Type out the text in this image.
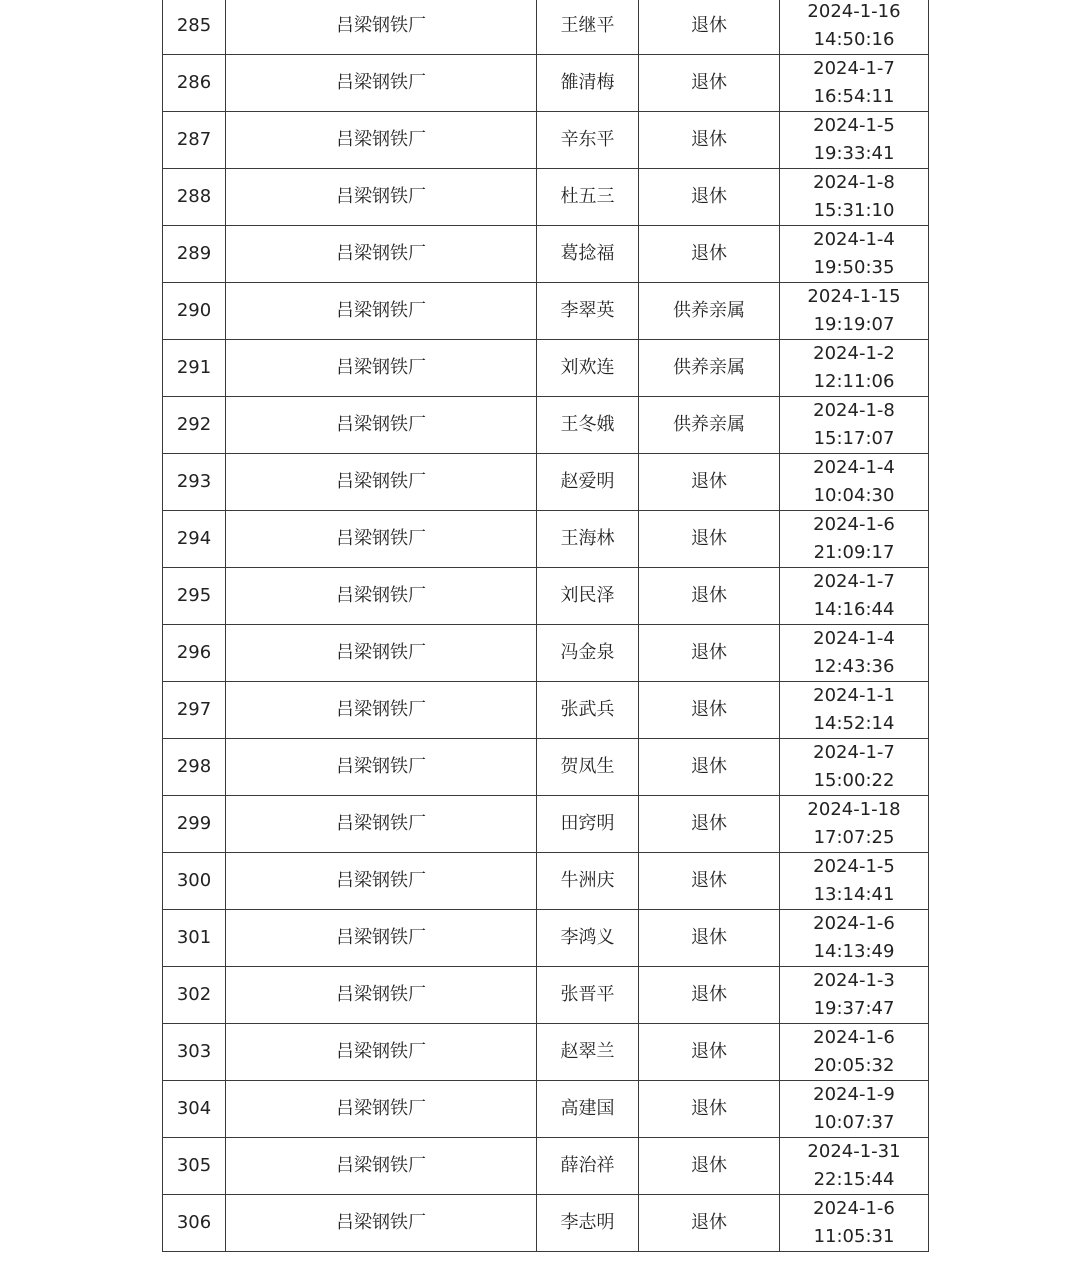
285	吕梁钢铁厂	王继平	退休	2024-1-16
14:50:16

286	吕梁钢铁厂	雒清梅	退休	2024-1-7
16:54:11

287	吕梁钢铁厂	辛东平	退休	2024-1-5
19:33:41

288	吕梁钢铁厂	杜五三	退休	2024-1-8
15:31:10

289	吕梁钢铁厂	葛捻福	退休	2024-1-4
19:50:35

290	吕梁钢铁厂	李翠英	供养亲属	2024-1-15
19:19:07

291	吕梁钢铁厂	刘欢连	供养亲属	2024-1-2
12:11:06

292	吕梁钢铁厂	王冬娥	供养亲属	2024-1-8
15:17:07

293	吕梁钢铁厂	赵爱明	退休	2024-1-4
10:04:30

294	吕梁钢铁厂	王海林	退休	2024-1-6
21:09:17

295	吕梁钢铁厂	刘民泽	退休	2024-1-7
14:16:44

296	吕梁钢铁厂	冯金泉	退休	2024-1-4
12:43:36

297	吕梁钢铁厂	张武兵	退休	2024-1-1
14:52:14

298	吕梁钢铁厂	贺凤生	退休	2024-1-7
15:00:22

299	吕梁钢铁厂	田窍明	退休	2024-1-18
17:07:25

300	吕梁钢铁厂	牛洲庆	退休	2024-1-5
13:14:41

301	吕梁钢铁厂	李鸿义	退休	2024-1-6
14:13:49

302	吕梁钢铁厂	张晋平	退休	2024-1-3
19:37:47

303	吕梁钢铁厂	赵翠兰	退休	2024-1-6
20:05:32

304	吕梁钢铁厂	高建国	退休	2024-1-9
10:07:37

305	吕梁钢铁厂	薛治祥	退休	2024-1-31
22:15:44

306	吕梁钢铁厂	李志明	退休	2024-1-6
11:05:31
